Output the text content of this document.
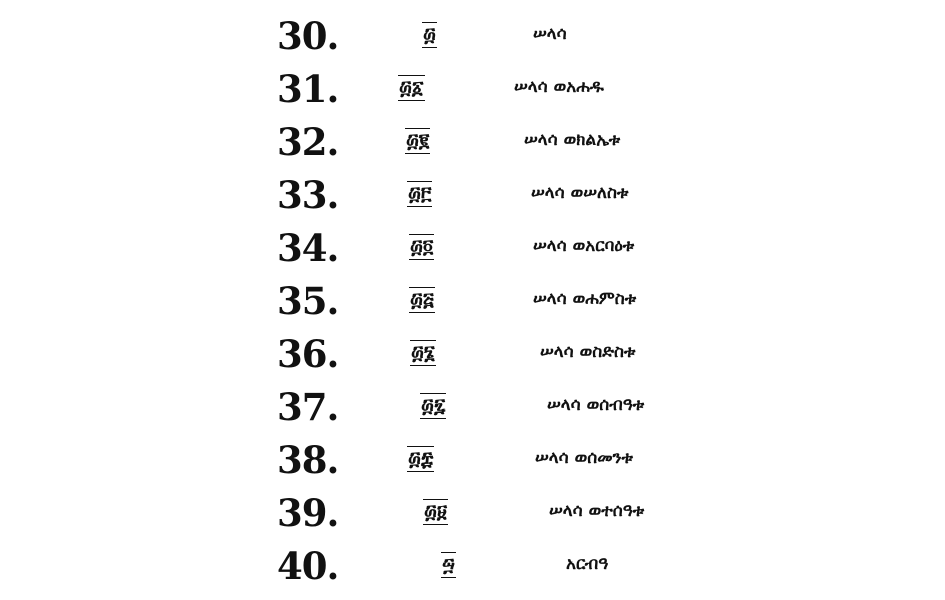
30.	፴	ሠላሳ
31.	፴፩	ሠላሳ ወአሐዱ
32.	፴፪	ሠላሳ ወክልኤቱ
33.	፴፫	ሠላሳ ወሠለስቱ
34.	፴፬	ሠላሳ ወአርባዕቱ
35.	፴፭	ሠላሳ ወሐምስቱ
36.	፴፮	ሠላሳ ወስድስቱ
37.	፴፯	ሠላሳ ወሰብዓቱ
38.	፴፰	ሠላሳ ወሰመንቱ
39.	፴፱	ሠላሳ ወተሰዓቱ
40.	፵	አርብዓ
